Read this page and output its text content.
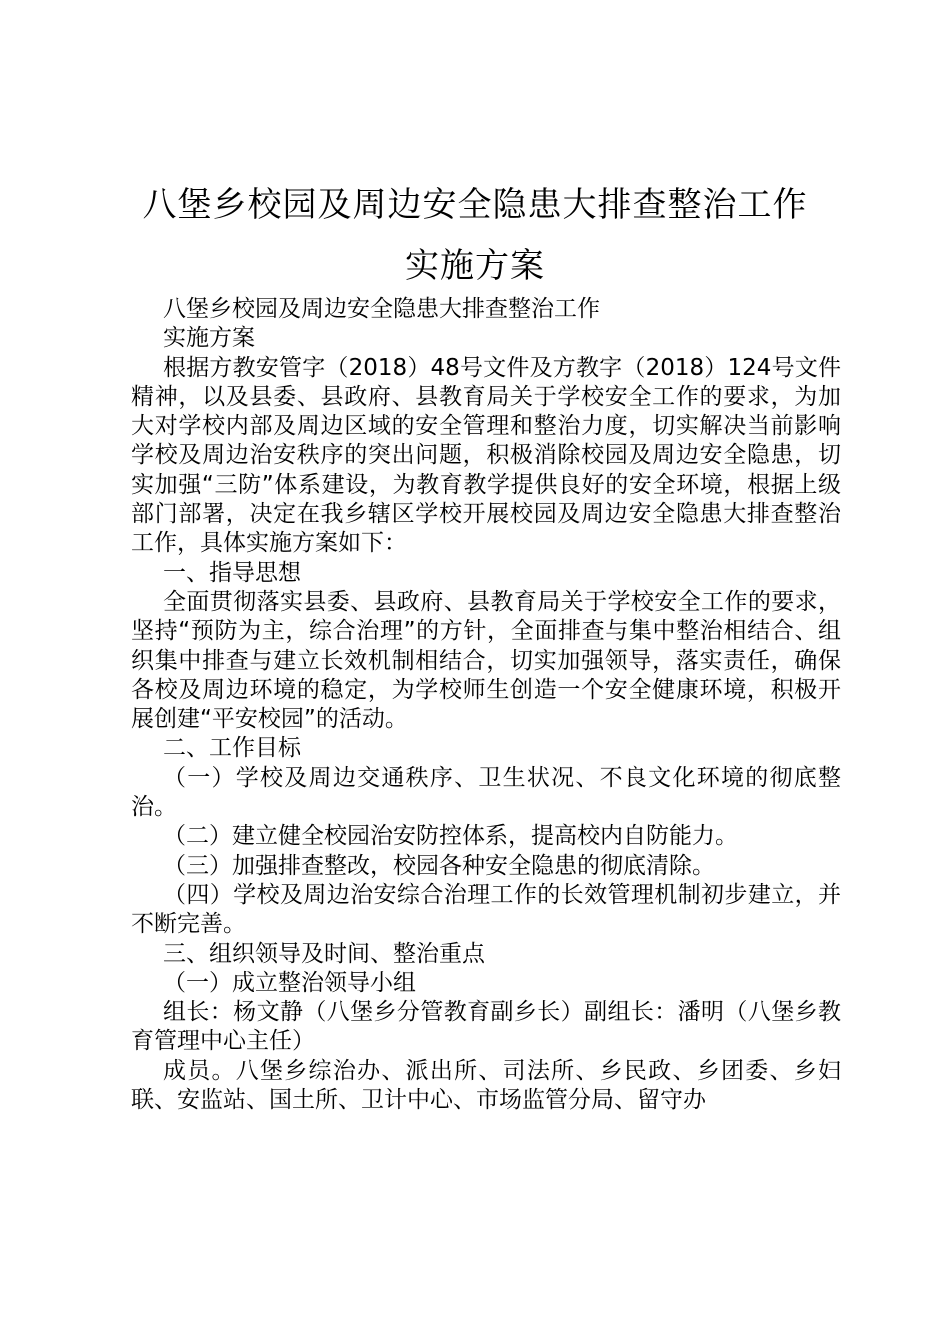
八堡乡校园及周边安全隐患大排查整治工作
实施方案

八堡乡校园及周边安全隐患大排查整治工作

实施方案

根据方教安管字（2018）48号文件及方教字（2018）124号文件精神，以及县委、县政府、县教育局关于学校安全工作的要求，为加大对学校内部及周边区域的安全管理和整治力度，切实解决当前影响学校及周边治安秩序的突出问题，积极消除校园及周边安全隐患，切实加强“三防”体系建设，为教育教学提供良好的安全环境，根据上级部门部署，决定在我乡辖区学校开展校园及周边安全隐患大排查整治工作，具体实施方案如下：

一、指导思想

全面贯彻落实县委、县政府、县教育局关于学校安全工作的要求，坚持“预防为主，综合治理”的方针，全面排查与集中整治相结合、组织集中排查与建立长效机制相结合，切实加强领导，落实责任，确保各校及周边环境的稳定，为学校师生创造一个安全健康环境，积极开展创建“平安校园”的活动。

二、工作目标

（一）学校及周边交通秩序、卫生状况、不良文化环境的彻底整治。

（二）建立健全校园治安防控体系，提高校内自防能力。

（三）加强排查整改，校园各种安全隐患的彻底清除。

（四）学校及周边治安综合治理工作的长效管理机制初步建立，并不断完善。

三、组织领导及时间、整治重点

（一）成立整治领导小组

组长：杨文静（八堡乡分管教育副乡长）副组长：潘明（八堡乡教育管理中心主任）

成员。八堡乡综治办、派出所、司法所、乡民政、乡团委、乡妇联、安监站、国土所、卫计中心、市场监管分局、留守办
